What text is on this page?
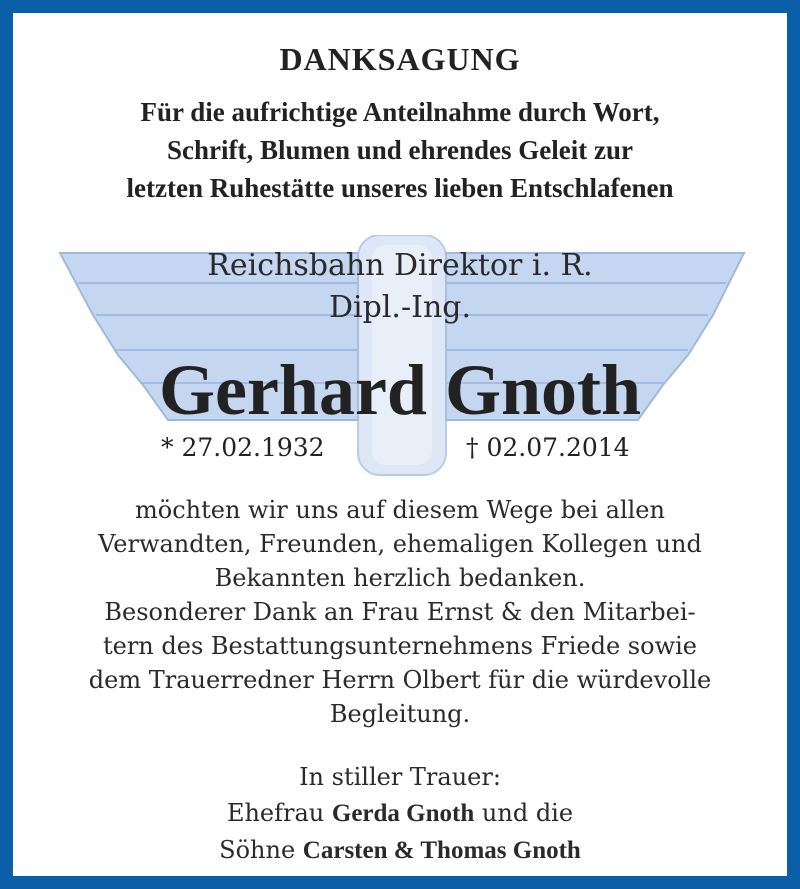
DANKSAGUNG
Für die aufrichtige Anteilnahme durch Wort,
Schrift, Blumen und ehrendes Geleit zur
letzten Ruhestätte unseres lieben Entschlafenen
Reichsbahn Direktor i. R.
Dipl.-Ing.
Gerhard Gnoth
* 27.02.1932	† 02.07.2014
möchten wir uns auf diesem Wege bei allen
Verwandten, Freunden, ehemaligen Kollegen und
Bekannten herzlich bedanken.
Besonderer Dank an Frau Ernst & den Mitarbei-
tern des Bestattungsunternehmens Friede sowie
dem Trauerredner Herrn Olbert für die würdevolle
Begleitung.
In stiller Trauer:
Ehefrau Gerda Gnoth und die
Söhne Carsten & Thomas Gnoth
